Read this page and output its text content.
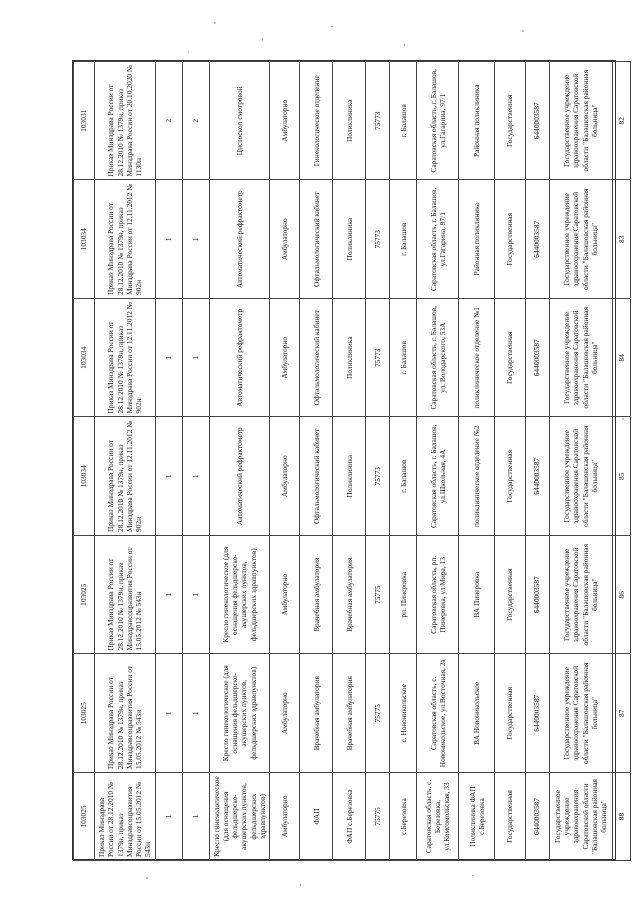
103025	103025	103025	103034	103034	103034	103031
Приказ Минздрава России от 28.12.2010 № 1379н, приказ Минздравсоцразвития России от 15.05.2012 № 543н	Приказ Минздрава России от 28.12.2010 № 1379н, приказ Минздравсоцразвития России от 15.05.2012 № 543н	Приказ Минздрава России от 28.12.2010 № 1379н, приказ Минздравсоцразвития России от 15.05.2012 № 543н	Приказ Минздрава России от 28.12.2010 № 1379н, приказ Минздрава России от 12.11.2012 № 902н	Приказ Минздрава России от 28.12.2010 № 1379н, приказ Минздрава России от 12.11.2012 № 902н	Приказ Минздрава России от 28.12.2010 № 1379н, приказ Минздрава России от 12.11.2012 № 902н	Приказ Минздрава России от 28.12.2010 № 1379н, приказ Минздрава России от 20.10.2020 № 1130н
1	1	1	1	1	1	2
1	1	1	1	1	1	2
Кресло гинекологическое (для оснащения фельдшерско-акушерских пунктов, фельдшерских здравпунктов)	Кресло гинекологическое (для оснащения фельдшерско-акушерских пунктов, фельдшерских здравпунктов)	Кресло гинекологическое (для оснащения фельдшерско-акушерских пунктов, фельдшерских здравпунктов)	Автоматический рефрактометр	Автоматический рефрактометр	Автоматический рефрактометр	Цистоскоп смотровой
Амбулаторно	Амбулаторно	Амбулаторно	Амбулаторно	Амбулаторно	Амбулаторно	Амбулаторно
ФАП	Врачебная амбулатория	Врачебная амбулатория	Офтальмологический кабинет	Офтальмологический кабинет	Офтальмологический кабинет	Гинекологическое отделение
ФАП с.Березовка	Врачебная амбулатория	Врачебная амбулатория	Поликлиника	Поликлиника	Поликлиника	Поликлиника
75775	75775	75775	75773	75773	75773	75773
с.Березовка	с. Новоникольское	рп. Пинеровка	г. Балашов	г. Балашов	г. Балашов	г. Балашов
Саратовская область, с. Березовка, ул.Комсомольская, 33	Саратовская область, с. Новоникольское, ул.Восточная, 2а	Саратовская область, рп. Пинеровка, ул.Мира, 13	Саратовская область, г. Балашов, ул.Школьная, 4А	Саратовская область, г. Балашов, ул. Володарского, 53А	Саратовская область, г. Балашов, ул.Гагарина, 97/1	Саратовская область, г. Балашов, ул.Гагарина, 97/1
Поликлиника ФАП с.Березовка	ВА Новоникольское	ВА Пинеровка	поликлиническое отделение №2	поликлиническое отделение №1	Районная поликлиника	Районная поликлиника
Государственная	Государственная	Государственная	Государственная	Государственная	Государственная	Государственная
6440003587	6440003587	6440003587	6440003587	6440003587	6440003587	6440003587
Государственное учреждение здравоохранения Саратовской области "Балашовская районная больница"	Государственное учреждение здравоохранения Саратовской области "Балашовская районная больница"	Государственное учреждение здравоохранения Саратовской области "Балашовская районная больница"	Государственное учреждение здравоохранения Саратовской области "Балашовская районная больница"	Государственное учреждение здравоохранения Саратовской области "Балашовская районная больница"	Государственное учреждение здравоохранения Саратовской области "Балашовская районная больница"	Государственное учреждение здравоохранения Саратовской области "Балашовская районная больница"
88	87	86	85	84	83	82
